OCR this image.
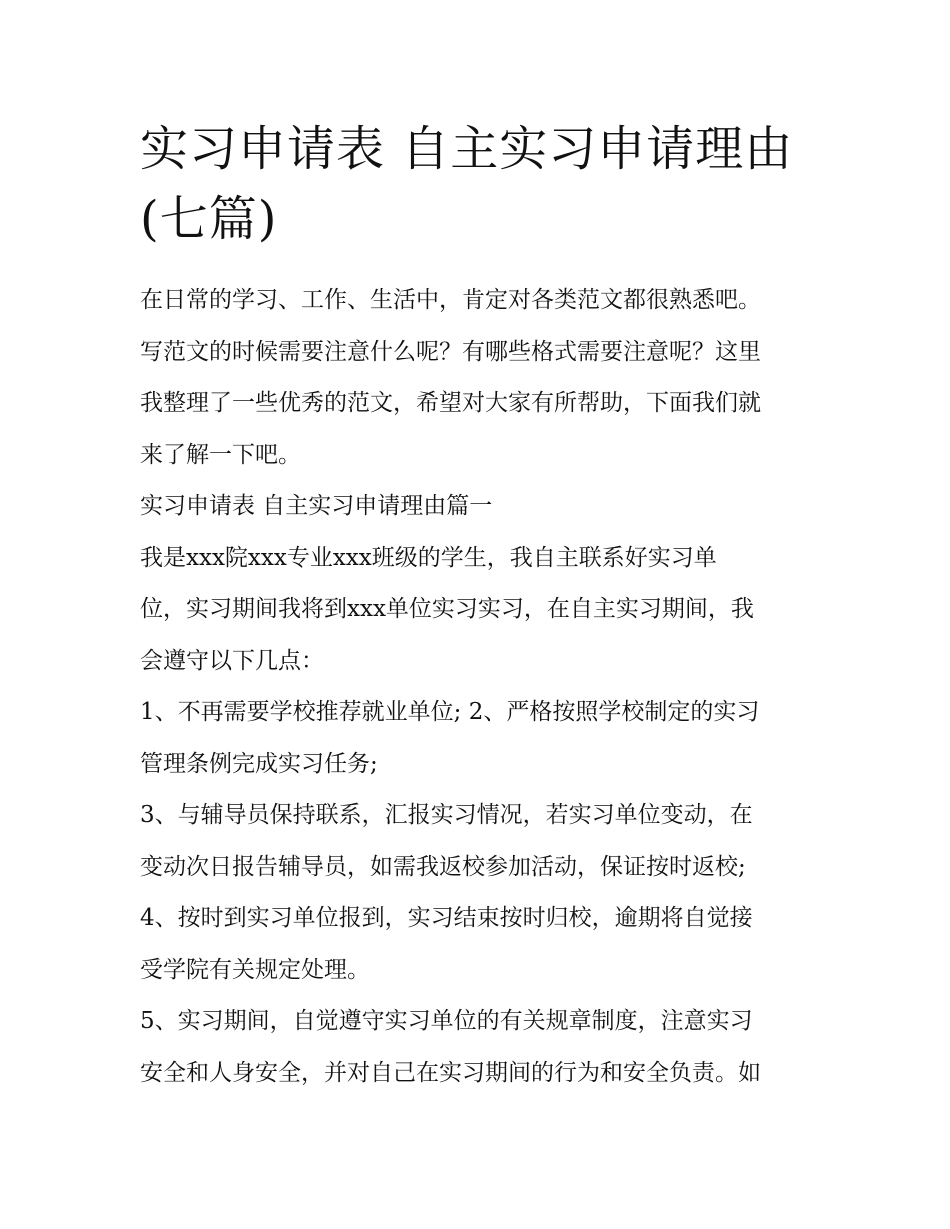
实习申请表 自主实习申请理由
(七篇)
在日常的学习、工作、生活中，肯定对各类范文都很熟悉吧。
写范文的时候需要注意什么呢？有哪些格式需要注意呢？这里
我整理了一些优秀的范文，希望对大家有所帮助，下面我们就
来了解一下吧。
实习申请表 自主实习申请理由篇一
我是xxx院xxx专业xxx班级的学生，我自主联系好实习单
位，实习期间我将到xxx单位实习实习，在自主实习期间，我
会遵守以下几点：
1、不再需要学校推荐就业单位; 2、严格按照学校制定的实习
管理条例完成实习任务;
3、与辅导员保持联系，汇报实习情况，若实习单位变动，在
变动次日报告辅导员，如需我返校参加活动，保证按时返校;
4、按时到实习单位报到，实习结束按时归校，逾期将自觉接
受学院有关规定处理。
5、实习期间，自觉遵守实习单位的有关规章制度，注意实习
安全和人身安全，并对自己在实习期间的行为和安全负责。如
